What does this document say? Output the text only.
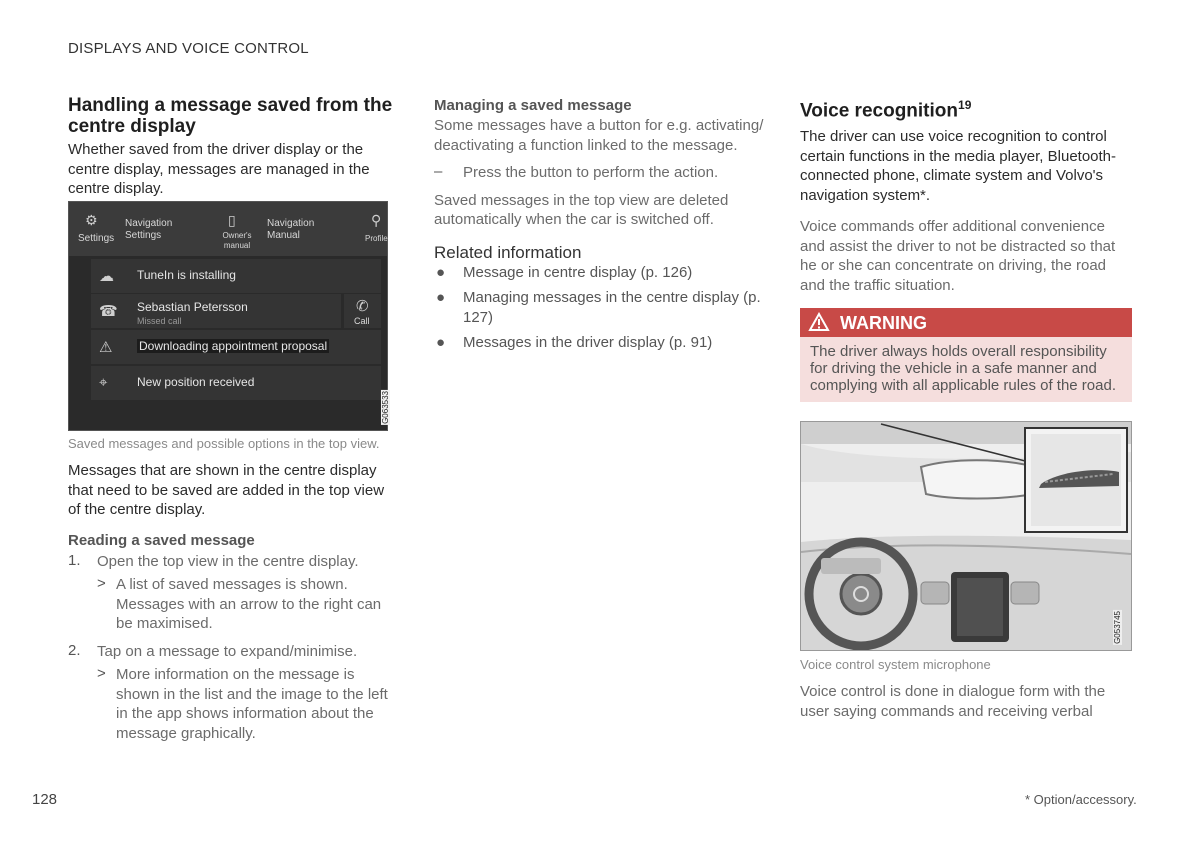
DISPLAYS AND VOICE CONTROL
Handling a message saved from the centre display

Whether saved from the driver display or the centre display, messages are managed in the centre display.

⚙
Settings
Navigation Settings
▯
Owner's manual
Navigation Manual
⚲
Profile
☁ TuneIn is installing
☎ Sebastian Petersson
Missed call
✆
Call
⚠ Downloading appointment proposal
⌖ New position received
G063533
Saved messages and possible options in the top view.

Messages that are shown in the centre display that need to be saved are added in the top view of the centre display.

Reading a saved message
1.	Open the top view in the centre display.

> A list of saved messages is shown. Messages with an arrow to the right can be maximised.

2.	Tap on a message to expand/minimise.

> More information on the message is shown in the list and the image to the left in the app shows information about the message graphically.

Managing a saved message

Some messages have a button for e.g. activating/ deactivating a function linked to the message.

– Press the button to perform the action.

Saved messages in the top view are deleted automatically when the car is switched off.

Related information
● Message in centre display (p. 126)
● Managing messages in the centre display (p. 127)
● Messages in the driver display (p. 91)
Voice recognition$^{19}$

The driver can use voice recognition to control certain functions in the media player, Bluetooth-connected phone, climate system and Volvo's navigation system*.

Voice commands offer additional convenience and assist the driver to not be distracted so that he or she can concentrate on driving, the road and the traffic situation.

WARNING
The driver always holds overall responsibility for driving the vehicle in a safe manner and complying with all applicable rules of the road.
G053745
Voice control system microphone

Voice control is done in dialogue form with the user saying commands and receiving verbal

128	* Option/accessory.
